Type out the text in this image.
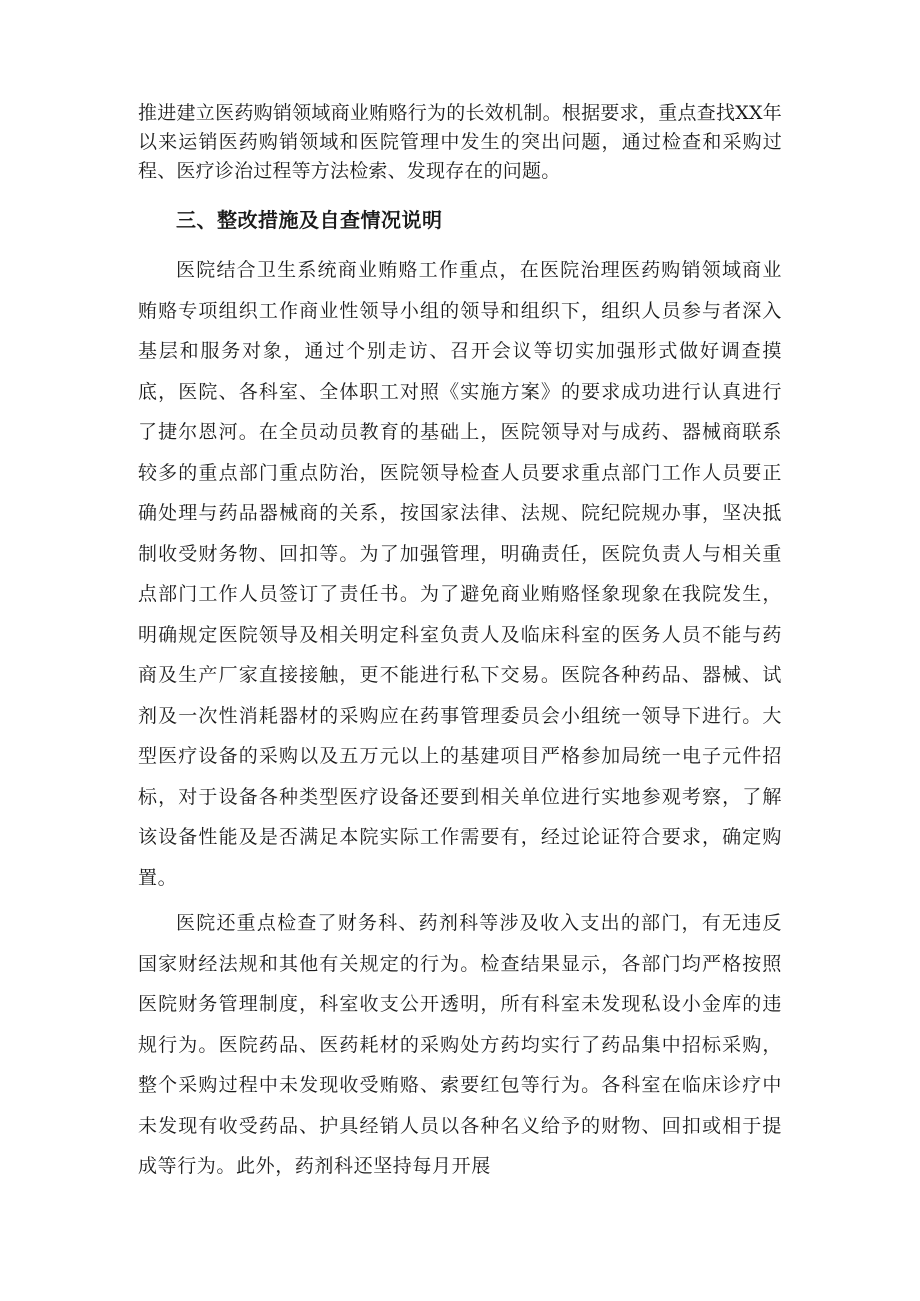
推进建立医药购销领域商业贿赂行为的长效机制。根据要求，重点查找XX年以来运销医药购销领域和医院管理中发生的突出问题，通过检查和采购过程、医疗诊治过程等方法检索、发现存在的问题。

三、整改措施及自查情况说明

医院结合卫生系统商业贿赂工作重点，在医院治理医药购销领域商业贿赂专项组织工作商业性领导小组的领导和组织下，组织人员参与者深入基层和服务对象，通过个别走访、召开会议等切实加强形式做好调查摸底，医院、各科室、全体职工对照《实施方案》的要求成功进行认真进行了捷尔恩河。在全员动员教育的基础上，医院领导对与成药、器械商联系较多的重点部门重点防治，医院领导检查人员要求重点部门工作人员要正确处理与药品器械商的关系，按国家法律、法规、院纪院规办事，坚决抵制收受财务物、回扣等。为了加强管理，明确责任，医院负责人与相关重点部门工作人员签订了责任书。为了避免商业贿赂怪象现象在我院发生，明确规定医院领导及相关明定科室负责人及临床科室的医务人员不能与药商及生产厂家直接接触，更不能进行私下交易。医院各种药品、器械、试剂及一次性消耗器材的采购应在药事管理委员会小组统一领导下进行。大型医疗设备的采购以及五万元以上的基建项目严格参加局统一电子元件招标，对于设备各种类型医疗设备还要到相关单位进行实地参观考察，了解该设备性能及是否满足本院实际工作需要有，经过论证符合要求，确定购置。

医院还重点检查了财务科、药剂科等涉及收入支出的部门，有无违反国家财经法规和其他有关规定的行为。检查结果显示，各部门均严格按照医院财务管理制度，科室收支公开透明，所有科室未发现私设小金库的违规行为。医院药品、医药耗材的采购处方药均实行了药品集中招标采购，整个采购过程中未发现收受贿赂、索要红包等行为。各科室在临床诊疗中未发现有收受药品、护具经销人员以各种名义给予的财物、回扣或相于提成等行为。此外，药剂科还坚持每月开展
